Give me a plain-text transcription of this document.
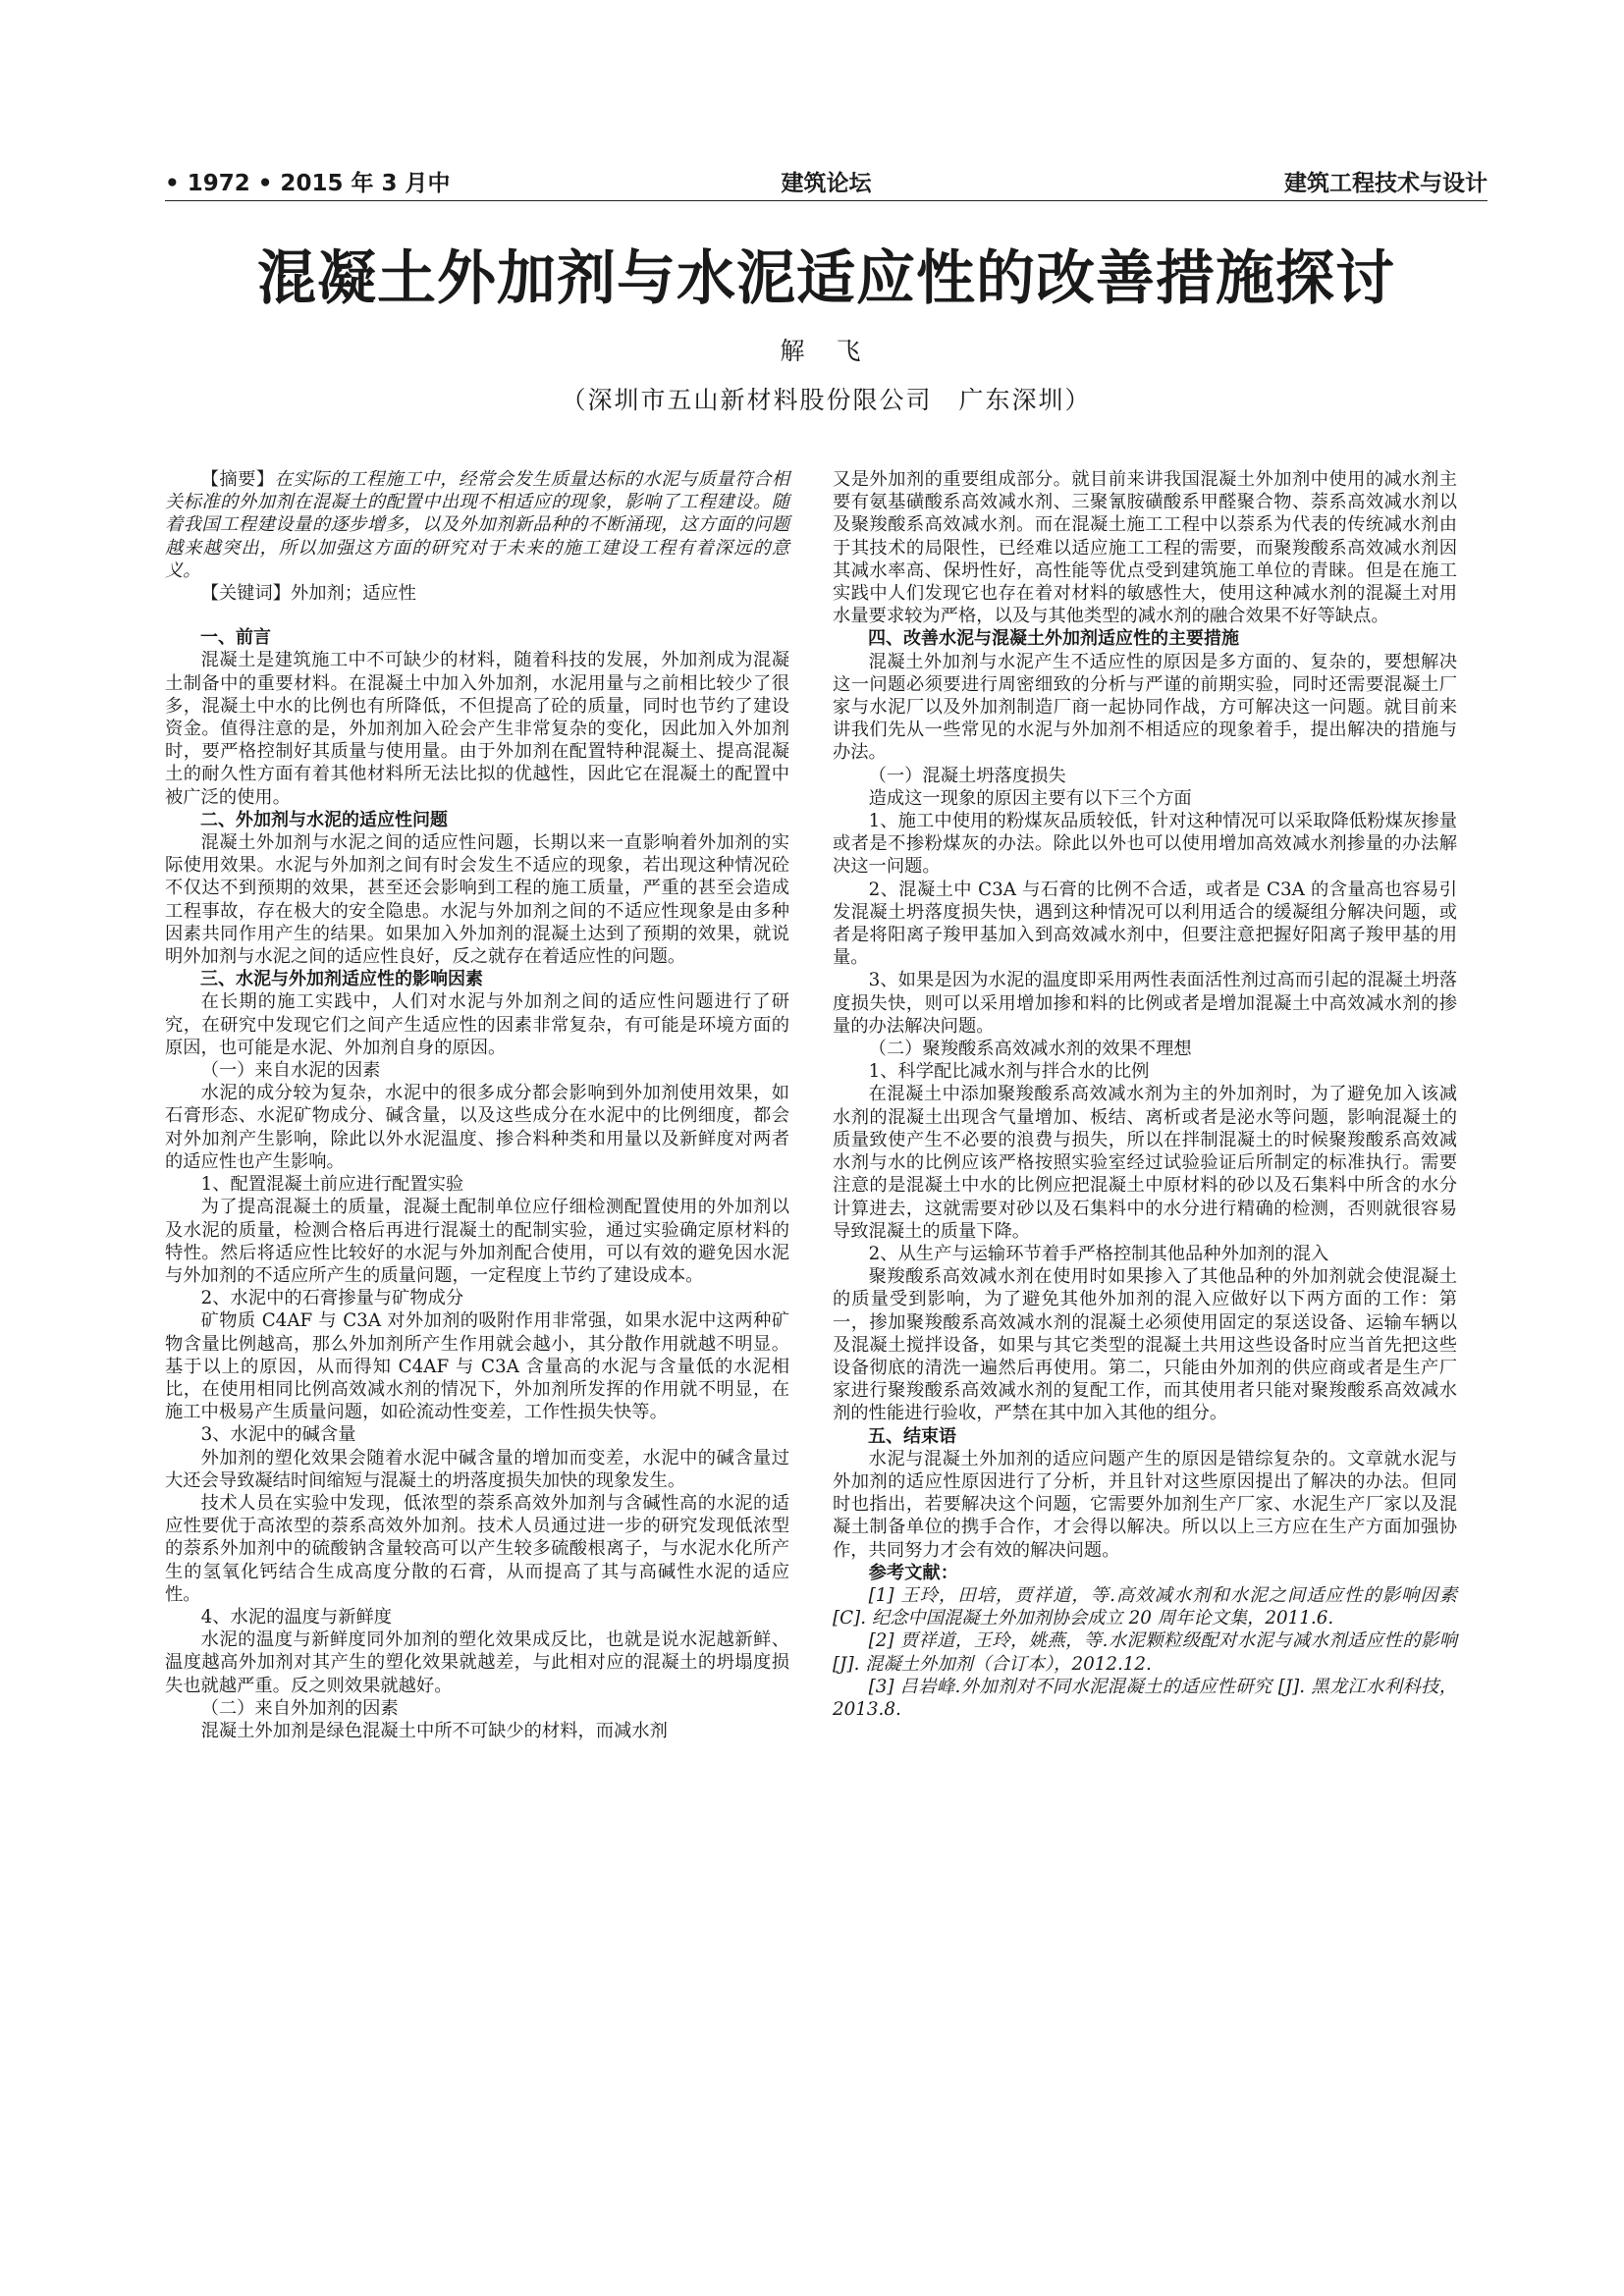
• 1972 • 2015 年 3 月中	建筑论坛	建筑工程技术与设计
混凝土外加剂与水泥适应性的改善措施探讨
解 飞
（深圳市五山新材料股份限公司　广东深圳）

【摘要】在实际的工程施工中，经常会发生质量达标的水泥与质量符合相关标准的外加剂在混凝土的配置中出现不相适应的现象，影响了工程建设。随着我国工程建设量的逐步增多，以及外加剂新品种的不断涌现，这方面的问题越来越突出，所以加强这方面的研究对于未来的施工建设工程有着深远的意义。

【关键词】外加剂；适应性

一、前言

混凝土是建筑施工中不可缺少的材料，随着科技的发展，外加剂成为混凝土制备中的重要材料。在混凝土中加入外加剂，水泥用量与之前相比较少了很多，混凝土中水的比例也有所降低，不但提高了砼的质量，同时也节约了建设资金。值得注意的是，外加剂加入砼会产生非常复杂的变化，因此加入外加剂时，要严格控制好其质量与使用量。由于外加剂在配置特种混凝土、提高混凝土的耐久性方面有着其他材料所无法比拟的优越性，因此它在混凝土的配置中被广泛的使用。

二、外加剂与水泥的适应性问题

混凝土外加剂与水泥之间的适应性问题，长期以来一直影响着外加剂的实际使用效果。水泥与外加剂之间有时会发生不适应的现象，若出现这种情况砼不仅达不到预期的效果，甚至还会影响到工程的施工质量，严重的甚至会造成工程事故，存在极大的安全隐患。水泥与外加剂之间的不适应性现象是由多种因素共同作用产生的结果。如果加入外加剂的混凝土达到了预期的效果，就说明外加剂与水泥之间的适应性良好，反之就存在着适应性的问题。

三、水泥与外加剂适应性的影响因素

在长期的施工实践中，人们对水泥与外加剂之间的适应性问题进行了研究，在研究中发现它们之间产生适应性的因素非常复杂，有可能是环境方面的原因，也可能是水泥、外加剂自身的原因。

（一）来自水泥的因素

水泥的成分较为复杂，水泥中的很多成分都会影响到外加剂使用效果，如石膏形态、水泥矿物成分、碱含量，以及这些成分在水泥中的比例细度，都会对外加剂产生影响，除此以外水泥温度、掺合料种类和用量以及新鲜度对两者的适应性也产生影响。

1、配置混凝土前应进行配置实验

为了提高混凝土的质量，混凝土配制单位应仔细检测配置使用的外加剂以及水泥的质量，检测合格后再进行混凝土的配制实验，通过实验确定原材料的特性。然后将适应性比较好的水泥与外加剂配合使用，可以有效的避免因水泥与外加剂的不适应所产生的质量问题，一定程度上节约了建设成本。

2、水泥中的石膏掺量与矿物成分

矿物质 C4AF 与 C3A 对外加剂的吸附作用非常强，如果水泥中这两种矿物含量比例越高，那么外加剂所产生作用就会越小，其分散作用就越不明显。基于以上的原因，从而得知 C4AF 与 C3A 含量高的水泥与含量低的水泥相比，在使用相同比例高效减水剂的情况下，外加剂所发挥的作用就不明显，在施工中极易产生质量问题，如砼流动性变差，工作性损失快等。

3、水泥中的碱含量

外加剂的塑化效果会随着水泥中碱含量的增加而变差，水泥中的碱含量过大还会导致凝结时间缩短与混凝土的坍落度损失加快的现象发生。

技术人员在实验中发现，低浓型的萘系高效外加剂与含碱性高的水泥的适应性要优于高浓型的萘系高效外加剂。技术人员通过进一步的研究发现低浓型的萘系外加剂中的硫酸钠含量较高可以产生较多硫酸根离子，与水泥水化所产生的氢氧化钙结合生成高度分散的石膏，从而提高了其与高碱性水泥的适应性。

4、水泥的温度与新鲜度

水泥的温度与新鲜度同外加剂的塑化效果成反比，也就是说水泥越新鲜、温度越高外加剂对其产生的塑化效果就越差，与此相对应的混凝土的坍塌度损失也就越严重。反之则效果就越好。

（二）来自外加剂的因素

混凝土外加剂是绿色混凝土中所不可缺少的材料，而减水剂

又是外加剂的重要组成部分。就目前来讲我国混凝土外加剂中使用的减水剂主要有氨基磺酸系高效减水剂、三聚氰胺磺酸系甲醛聚合物、萘系高效减水剂以及聚羧酸系高效减水剂。而在混凝土施工工程中以萘系为代表的传统减水剂由于其技术的局限性，已经难以适应施工工程的需要，而聚羧酸系高效减水剂因其减水率高、保坍性好，高性能等优点受到建筑施工单位的青睐。但是在施工实践中人们发现它也存在着对材料的敏感性大，使用这种减水剂的混凝土对用水量要求较为严格，以及与其他类型的减水剂的融合效果不好等缺点。

四、改善水泥与混凝土外加剂适应性的主要措施

混凝土外加剂与水泥产生不适应性的原因是多方面的、复杂的，要想解决这一问题必须要进行周密细致的分析与严谨的前期实验，同时还需要混凝土厂家与水泥厂以及外加剂制造厂商一起协同作战，方可解决这一问题。就目前来讲我们先从一些常见的水泥与外加剂不相适应的现象着手，提出解决的措施与办法。

（一）混凝土坍落度损失

造成这一现象的原因主要有以下三个方面

1、施工中使用的粉煤灰品质较低，针对这种情况可以采取降低粉煤灰掺量或者是不掺粉煤灰的办法。除此以外也可以使用增加高效减水剂掺量的办法解决这一问题。

2、混凝土中 C3A 与石膏的比例不合适，或者是 C3A 的含量高也容易引发混凝土坍落度损失快，遇到这种情况可以利用适合的缓凝组分解决问题，或者是将阳离子羧甲基加入到高效减水剂中，但要注意把握好阳离子羧甲基的用量。

3、如果是因为水泥的温度即采用两性表面活性剂过高而引起的混凝土坍落度损失快，则可以采用增加掺和料的比例或者是增加混凝土中高效减水剂的掺量的办法解决问题。

（二）聚羧酸系高效减水剂的效果不理想

1、科学配比减水剂与拌合水的比例

在混凝土中添加聚羧酸系高效减水剂为主的外加剂时，为了避免加入该减水剂的混凝土出现含气量增加、板结、离析或者是泌水等问题，影响混凝土的质量致使产生不必要的浪费与损失，所以在拌制混凝土的时候聚羧酸系高效减水剂与水的比例应该严格按照实验室经过试验验证后所制定的标准执行。需要注意的是混凝土中水的比例应把混凝土中原材料的砂以及石集料中所含的水分计算进去，这就需要对砂以及石集料中的水分进行精确的检测，否则就很容易导致混凝土的质量下降。

2、从生产与运输环节着手严格控制其他品种外加剂的混入

聚羧酸系高效减水剂在使用时如果掺入了其他品种的外加剂就会使混凝土的质量受到影响，为了避免其他外加剂的混入应做好以下两方面的工作：第一，掺加聚羧酸系高效减水剂的混凝土必须使用固定的泵送设备、运输车辆以及混凝土搅拌设备，如果与其它类型的混凝土共用这些设备时应当首先把这些设备彻底的清洗一遍然后再使用。第二，只能由外加剂的供应商或者是生产厂家进行聚羧酸系高效减水剂的复配工作，而其使用者只能对聚羧酸系高效减水剂的性能进行验收，严禁在其中加入其他的组分。

五、结束语

水泥与混凝土外加剂的适应问题产生的原因是错综复杂的。文章就水泥与外加剂的适应性原因进行了分析，并且针对这些原因提出了解决的办法。但同时也指出，若要解决这个问题，它需要外加剂生产厂家、水泥生产厂家以及混凝土制备单位的携手合作，才会得以解决。所以以上三方应在生产方面加强协作，共同努力才会有效的解决问题。

参考文献：

[1] 王玲，田培，贾祥道，等.高效减水剂和水泥之间适应性的影响因素 [C]. 纪念中国混凝土外加剂协会成立 20 周年论文集，2011.6.

[2] 贾祥道，王玲，姚燕，等.水泥颗粒级配对水泥与减水剂适应性的影响 [J]. 混凝土外加剂（合订本），2012.12.

[3] 吕岩峰.外加剂对不同水泥混凝土的适应性研究 [J]. 黑龙江水利科技，2013.8.
